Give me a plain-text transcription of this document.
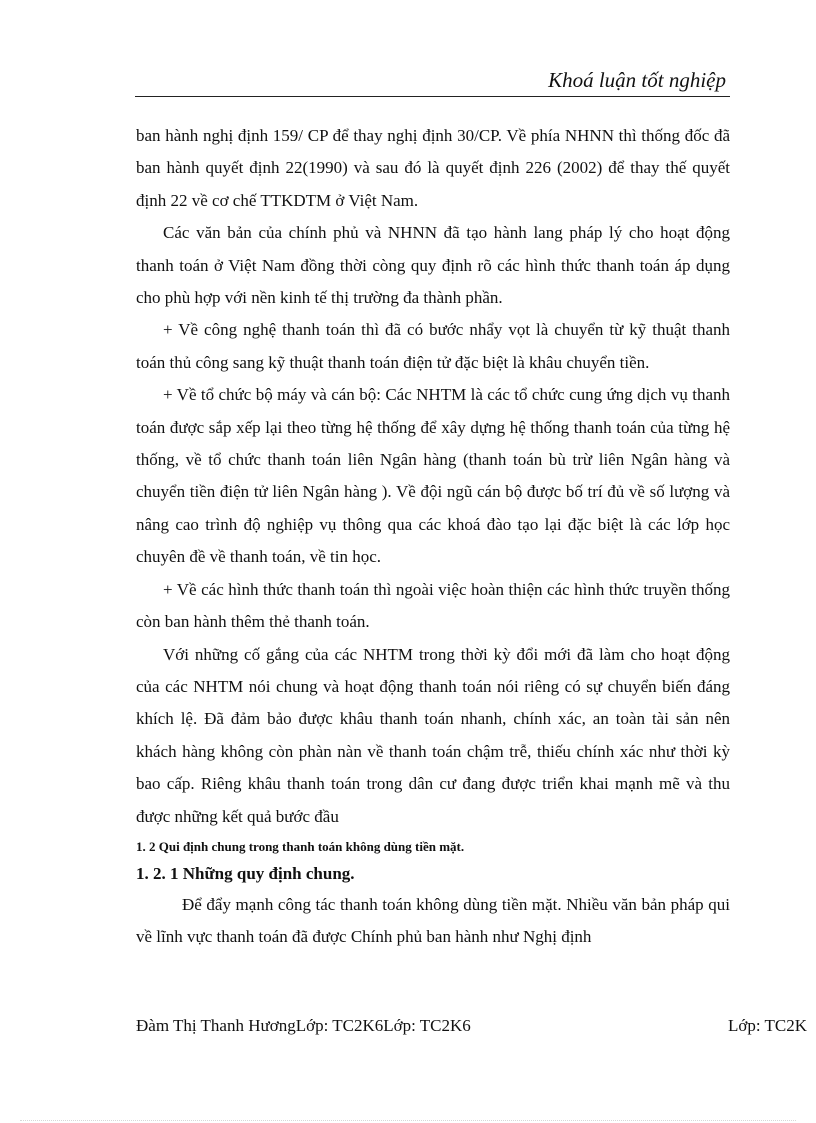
Khoá luận tốt nghiệp

ban hành nghị định 159/ CP để thay nghị định 30/CP. Về phía NHNN thì thống đốc đã ban hành quyết định 22(1990) và sau đó là quyết định 226 (2002) để thay thế quyết định 22 về cơ chế TTKDTM ở Việt Nam.

Các văn bản của chính phủ và NHNN đã tạo hành lang pháp lý cho hoạt động thanh toán ở Việt Nam đồng thời còng quy định rõ các hình thức thanh toán áp dụng cho phù hợp với nền kinh tế thị trường đa thành phần.

+ Về công nghệ thanh toán thì đã có bước nhẩy vọt là chuyển từ kỹ thuật thanh toán thủ công sang kỹ thuật thanh toán điện tử đặc biệt là khâu chuyển tiền.

+ Về tổ chức bộ máy và cán bộ: Các NHTM là các tổ chức cung ứng dịch vụ thanh toán được sắp xếp lại theo từng hệ thống để xây dựng hệ thống thanh toán của từng hệ thống, về tổ chức thanh toán liên Ngân hàng (thanh toán bù trừ liên Ngân hàng và chuyển tiền điện tử liên Ngân hàng ). Về đội ngũ cán bộ được bố trí đủ về số lượng và nâng cao trình độ nghiệp vụ thông qua các khoá đào tạo lại đặc biệt là các lớp học chuyên đề về thanh toán, về tin học.

+ Về các hình thức thanh toán thì ngoài việc hoàn thiện các hình thức truyền thống còn ban hành thêm thẻ thanh toán.

Với những cố gắng của các NHTM trong thời kỳ đổi mới đã làm cho hoạt động của các NHTM nói chung và hoạt động thanh toán nói riêng có sự chuyển biến đáng khích lệ. Đã đảm bảo được khâu thanh toán nhanh, chính xác, an toàn tài sản nên khách hàng không còn phàn nàn về thanh toán chậm trễ, thiếu chính xác như thời kỳ bao cấp. Riêng khâu thanh toán trong dân cư đang được triển khai mạnh mẽ và thu được những kết quả bước đầu

1. 2 Qui định chung trong thanh toán không dùng tiền mặt.

1. 2. 1 Những quy định chung.

Để đẩy mạnh công tác thanh toán không dùng tiền mặt. Nhiều văn bản pháp qui về lĩnh vực thanh toán đã được Chính phủ ban hành như Nghị định

Đàm Thị Thanh HươngLớp: TC2K6Lớp: TC2K6	Lớp: TC2K
